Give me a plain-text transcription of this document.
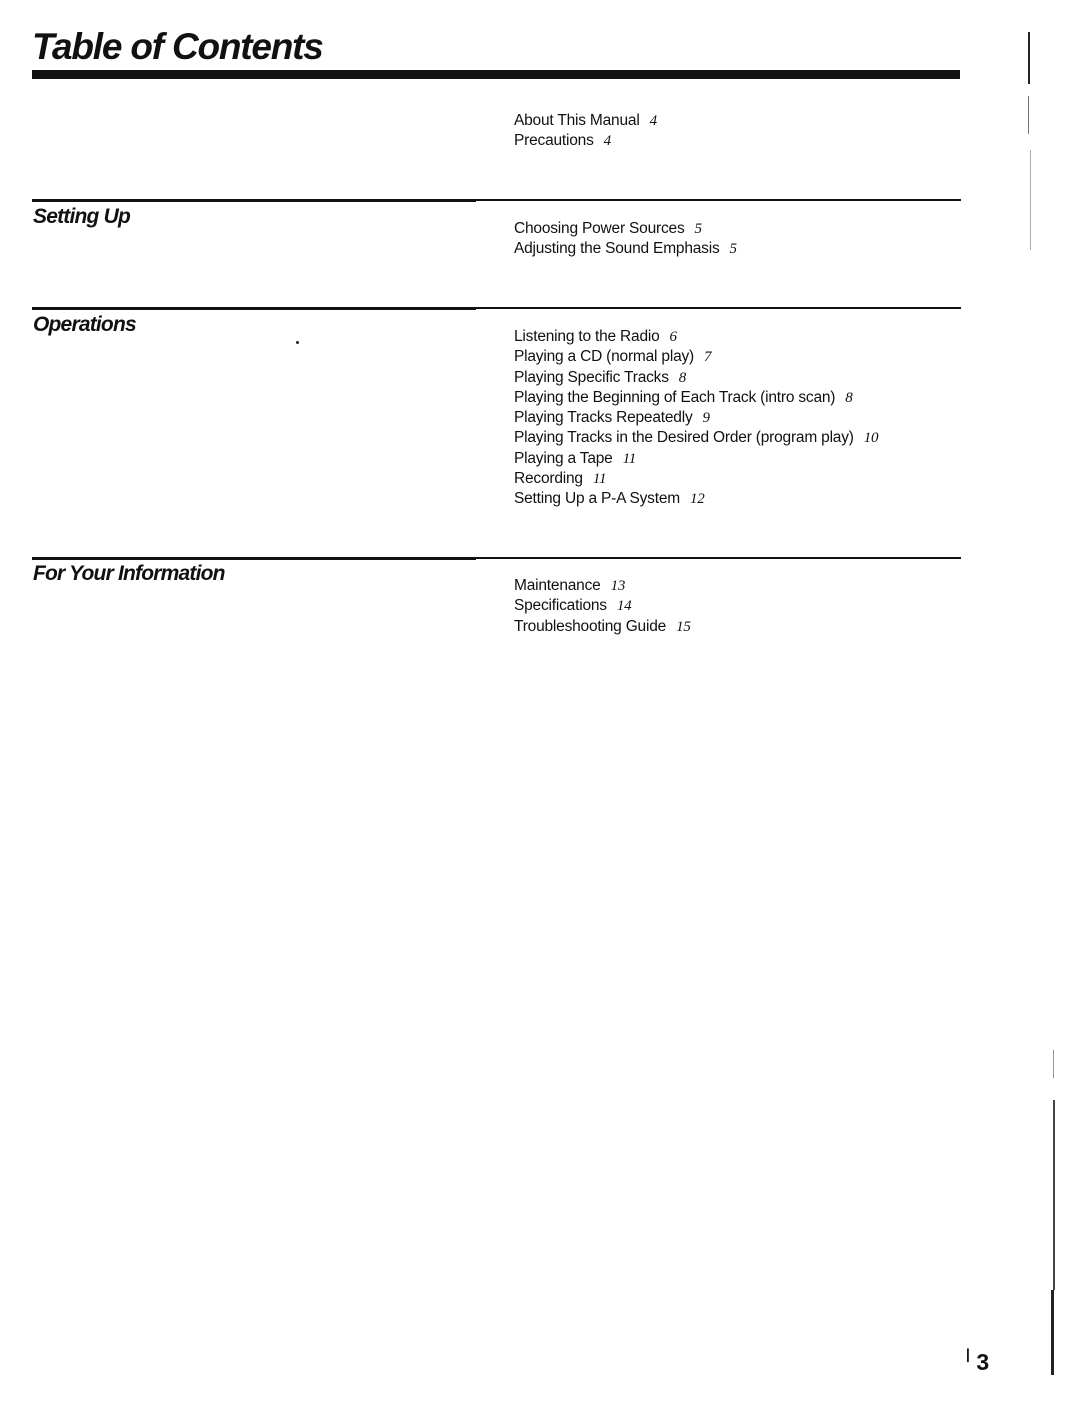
Table of Contents
About This Manual 4
Precautions 4
Setting Up
Choosing Power Sources 5
Adjusting the Sound Emphasis 5
Operations
Listening to the Radio 6
Playing a CD (normal play) 7
Playing Specific Tracks 8
Playing the Beginning of Each Track (intro scan) 8
Playing Tracks Repeatedly 9
Playing Tracks in the Desired Order (program play) 10
Playing a Tape 11
Recording 11
Setting Up a P-A System 12
For Your Information
Maintenance 13
Specifications 14
Troubleshooting Guide 15
╵3
